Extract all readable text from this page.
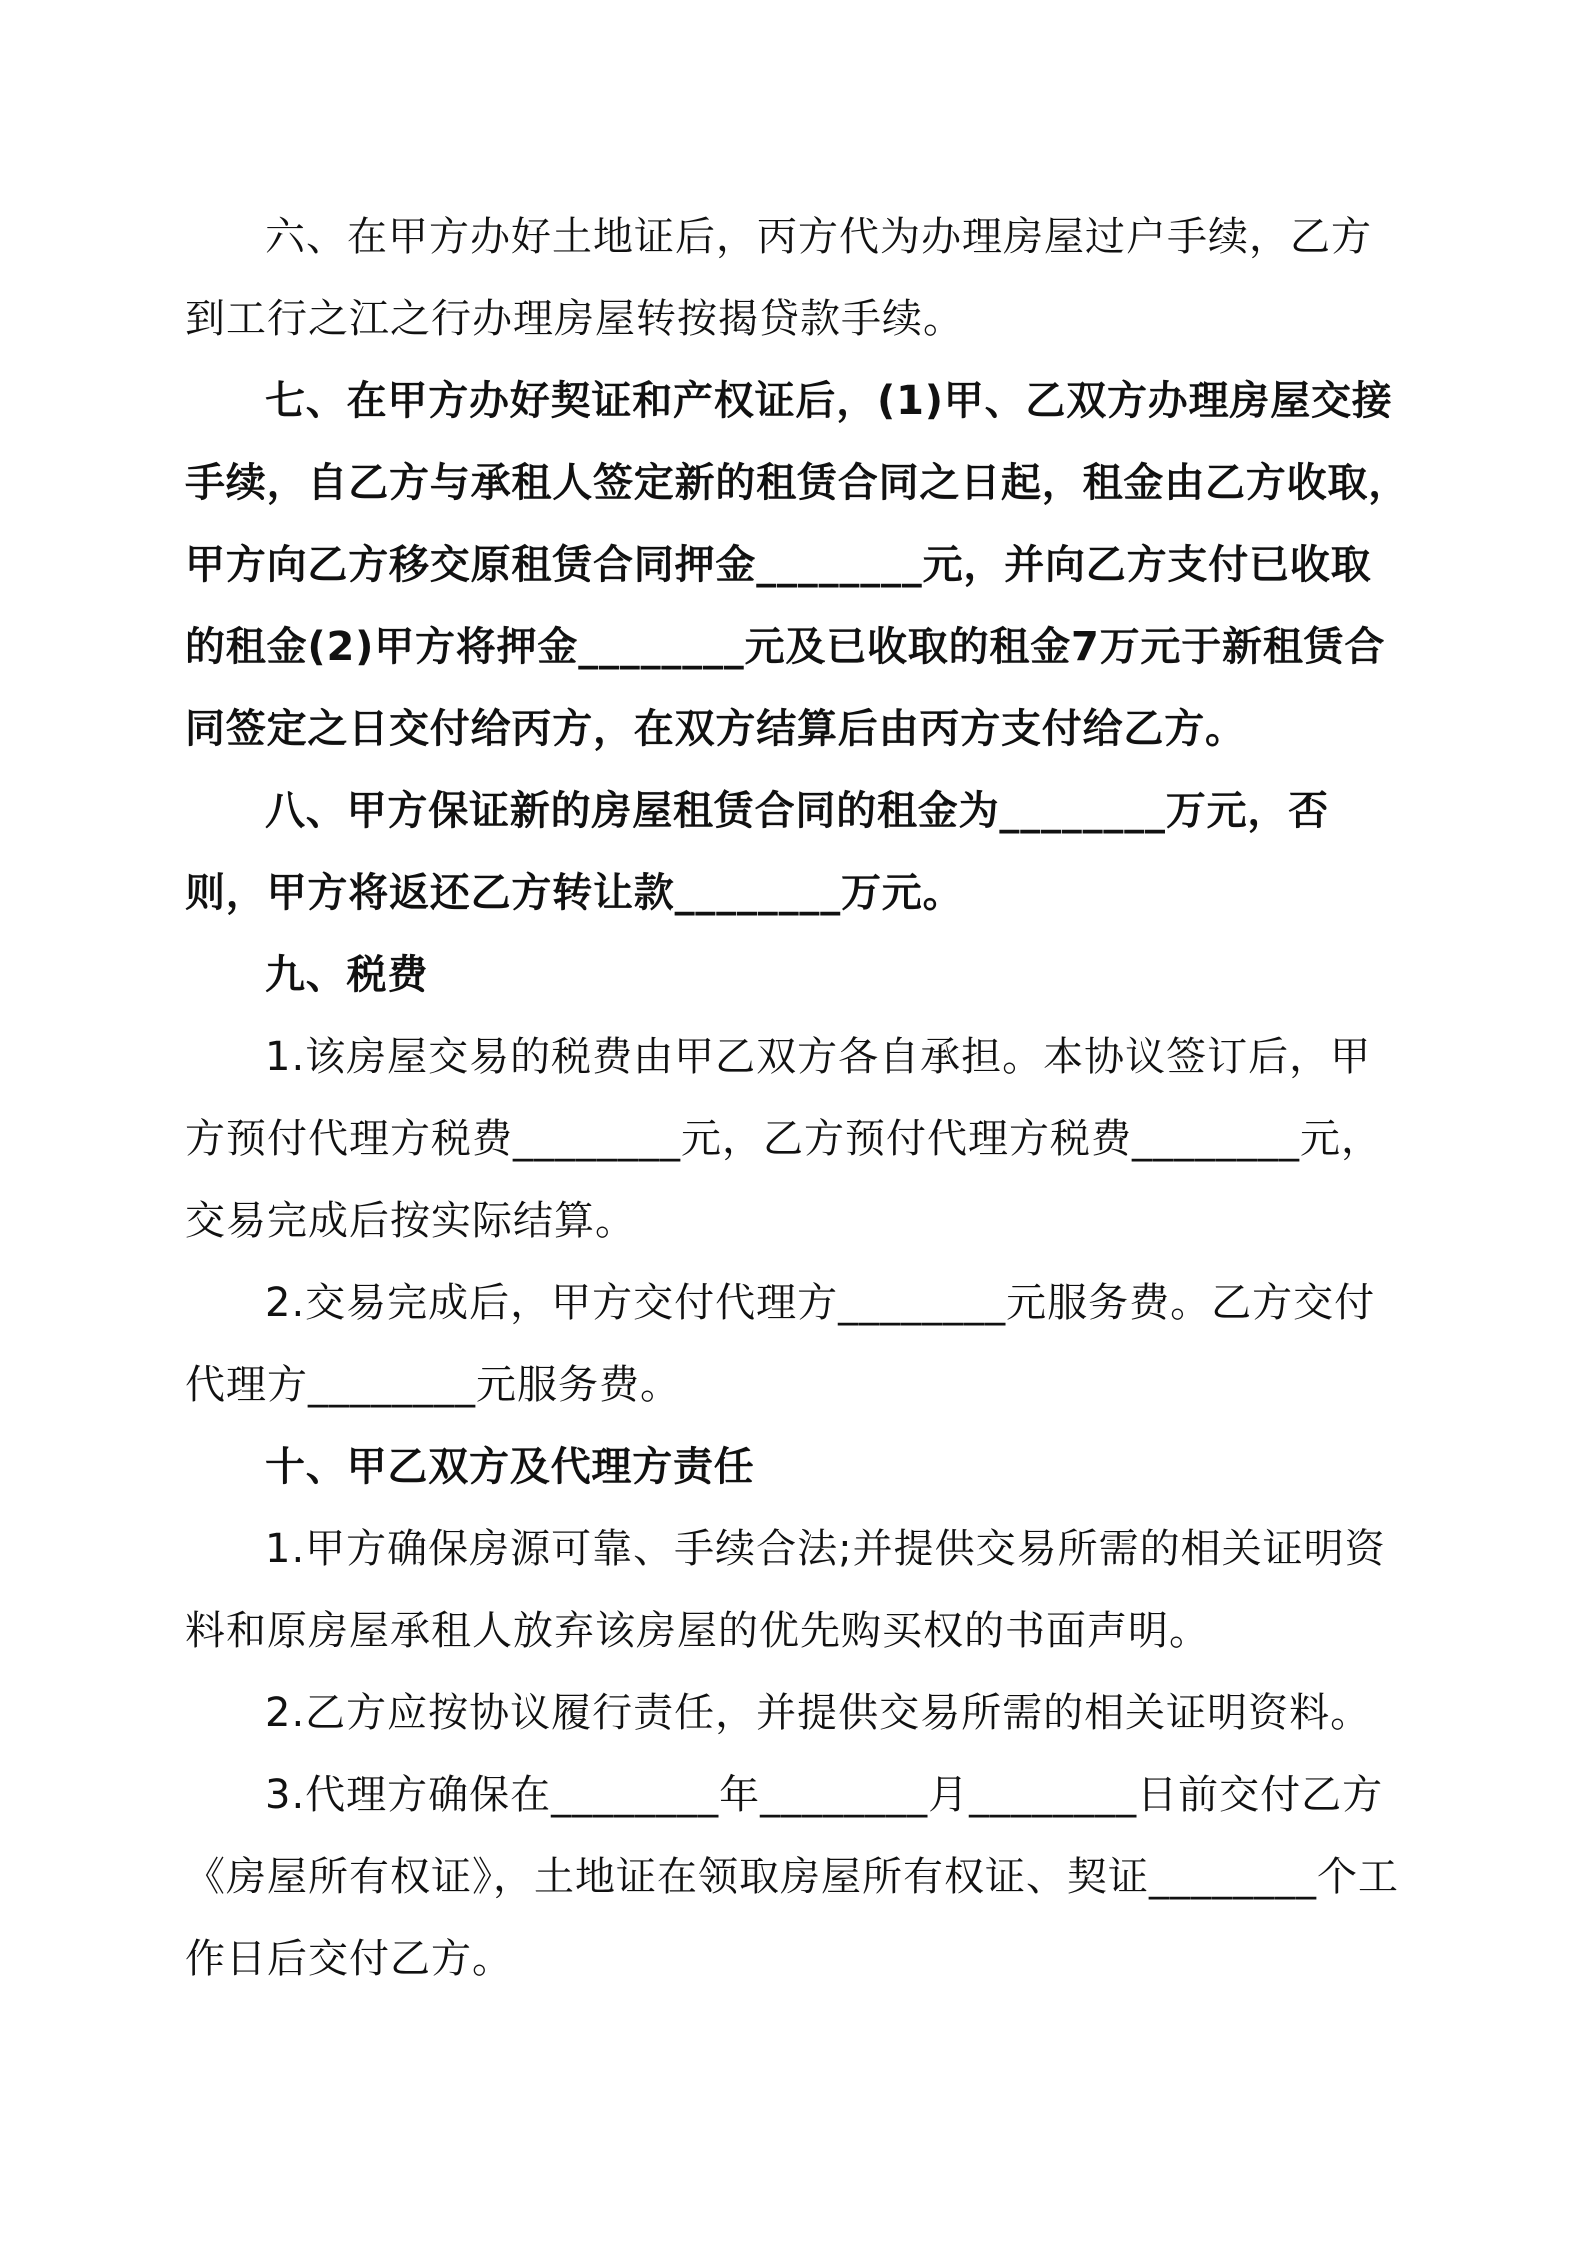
六、在甲方办好土地证后，丙方代为办理房屋过户手续，乙方到工行之江之行办理房屋转按揭贷款手续。

七、在甲方办好契证和产权证后，(1)甲、乙双方办理房屋交接手续，自乙方与承租人签定新的租赁合同之日起，租金由乙方收取，甲方向乙方移交原租赁合同押金________元，并向乙方支付已收取的租金(2)甲方将押金________元及已收取的租金7万元于新租赁合同签定之日交付给丙方，在双方结算后由丙方支付给乙方。

八、甲方保证新的房屋租赁合同的租金为________万元，否则，甲方将返还乙方转让款________万元。

九、税费

1.该房屋交易的税费由甲乙双方各自承担。本协议签订后，甲方预付代理方税费________元，乙方预付代理方税费________元，交易完成后按实际结算。

2.交易完成后，甲方交付代理方________元服务费。乙方交付代理方________元服务费。

十、甲乙双方及代理方责任

1.甲方确保房源可靠、手续合法;并提供交易所需的相关证明资料和原房屋承租人放弃该房屋的优先购买权的书面声明。

2.乙方应按协议履行责任，并提供交易所需的相关证明资料。

3.代理方确保在________年________月________日前交付乙方《房屋所有权证》，土地证在领取房屋所有权证、契证________个工作日后交付乙方。
